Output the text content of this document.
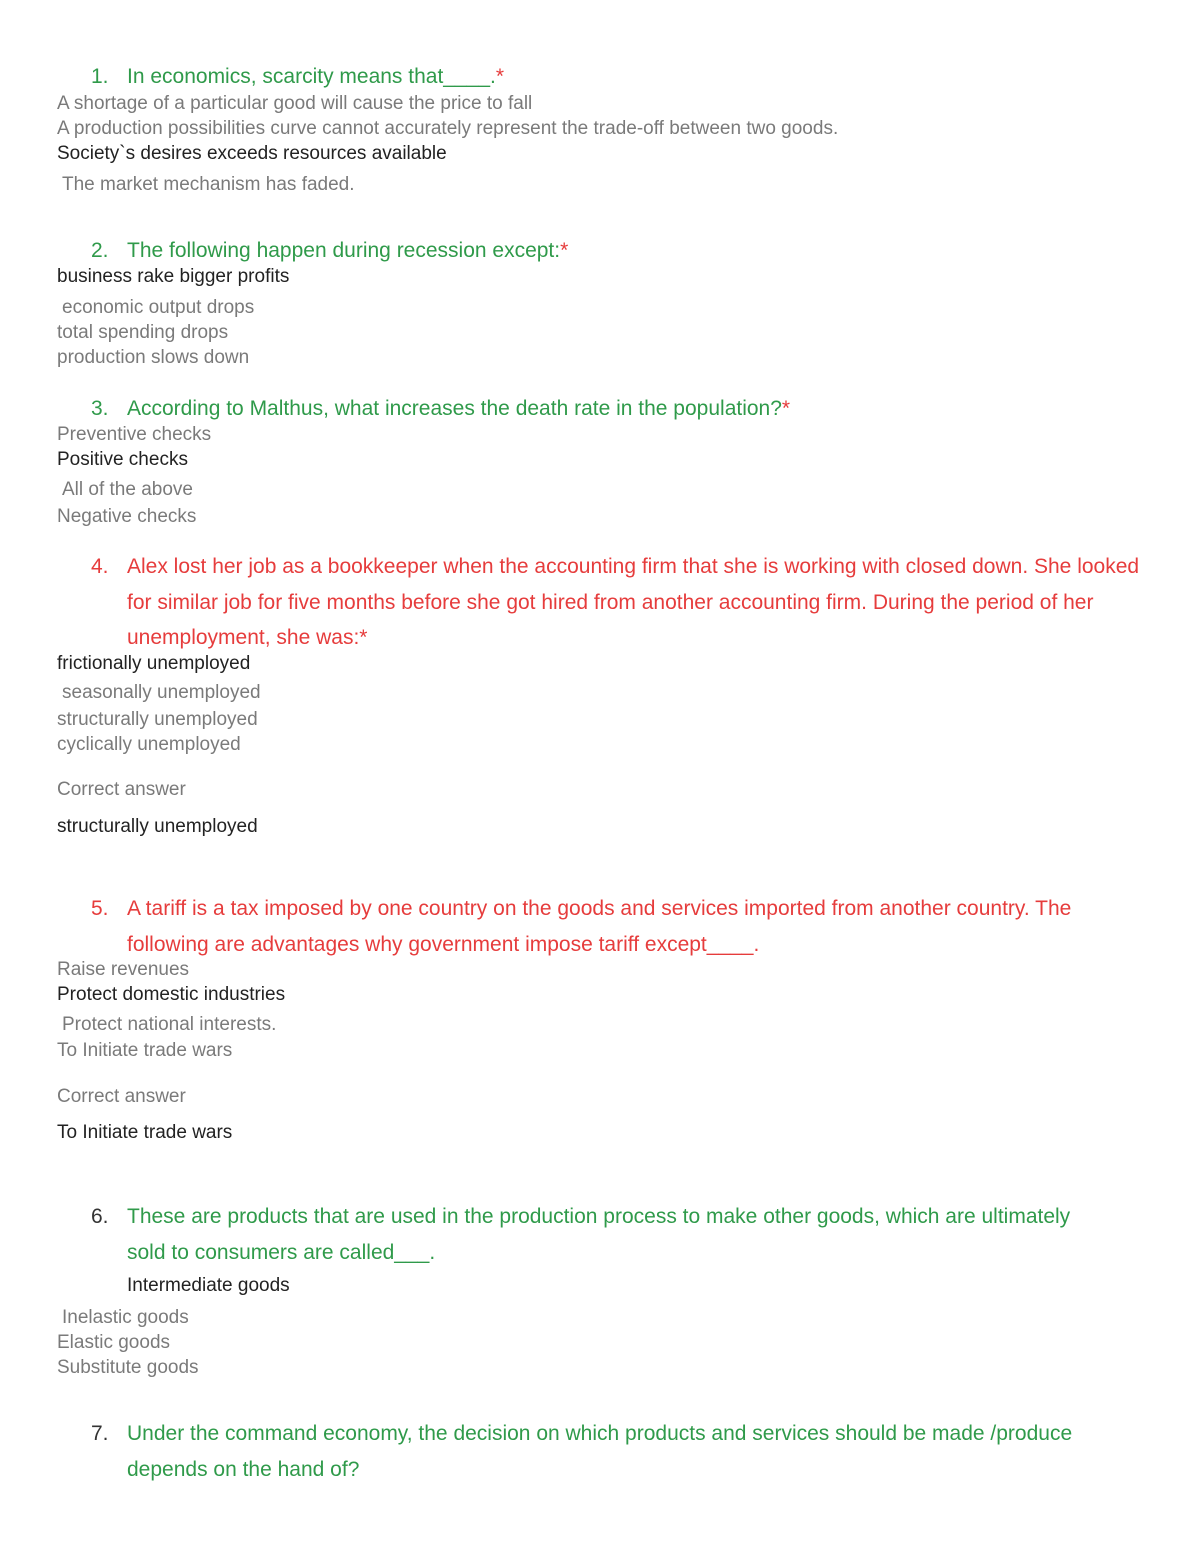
1. In economics, scarcity means that____.*
A shortage of a particular good will cause the price to fall
A production possibilities curve cannot accurately represent the trade-off between two goods.
Society`s desires exceeds resources available
The market mechanism has faded.
2. The following happen during recession except:*
business rake bigger profits
economic output drops
total spending drops
production slows down
3. According to Malthus, what increases the death rate in the population?*
Preventive checks
Positive checks
All of the above
Negative checks
4. Alex lost her job as a bookkeeper when the accounting firm that she is working with closed down. She looked for similar job for five months before she got hired from another accounting firm. During the period of her unemployment, she was:*
frictionally unemployed
seasonally unemployed
structurally unemployed
cyclically unemployed
Correct answer
structurally unemployed
5. A tariff is a tax imposed by one country on the goods and services imported from another country. The following are advantages why government impose tariff except____.
Raise revenues
Protect domestic industries
Protect national interests.
To Initiate trade wars
Correct answer
To Initiate trade wars
6. These are products that are used in the production process to make other goods, which are ultimately sold to consumers are called___.
Intermediate goods
Inelastic goods
Elastic goods
Substitute goods
7. Under the command economy, the decision on which products and services should be made /produce depends on the hand of?
